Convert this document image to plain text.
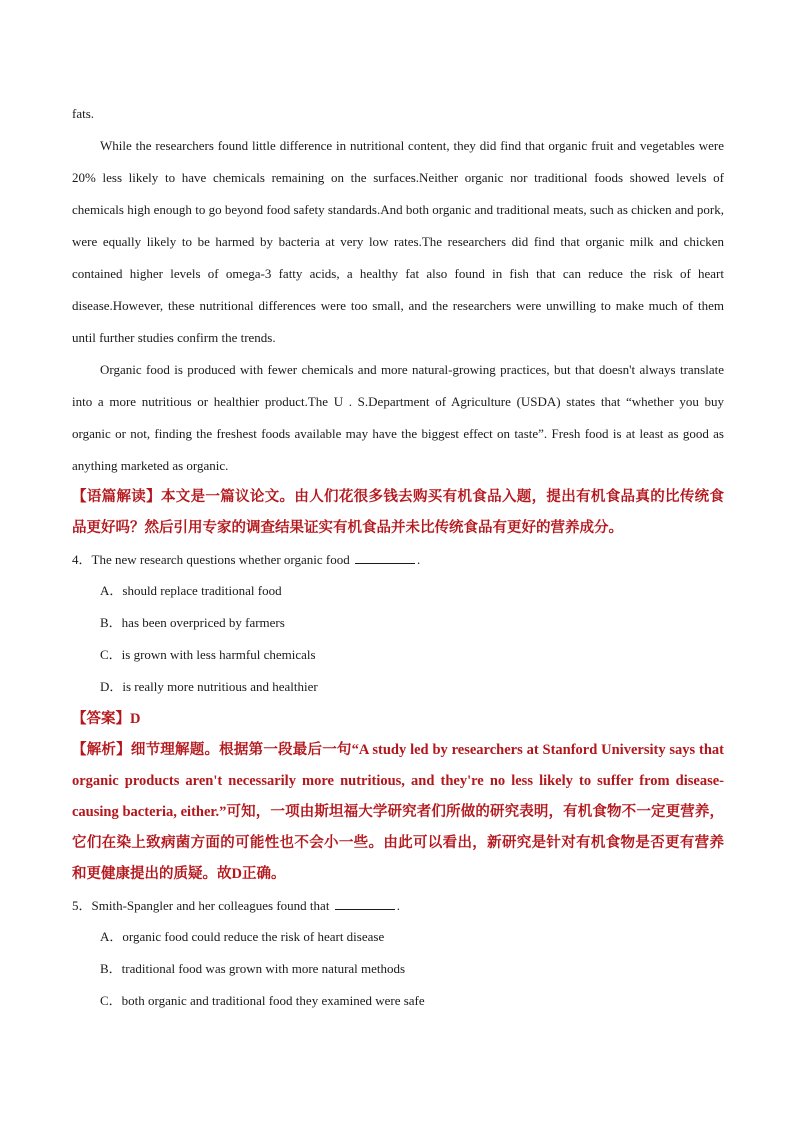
fats.

While the researchers found little difference in nutritional content, they did find that organic fruit and vegetables were 20% less likely to have chemicals remaining on the surfaces.Neither organic nor traditional foods showed levels of chemicals high enough to go beyond food safety standards.And both organic and traditional meats, such as chicken and pork, were equally likely to be harmed by bacteria at very low rates.The researchers did find that organic milk and chicken contained higher levels of omega-3 fatty acids, a healthy fat also found in fish that can reduce the risk of heart disease.However, these nutritional differences were too small, and the researchers were unwilling to make much of them until further studies confirm the trends.

Organic food is produced with fewer chemicals and more natural-growing practices, but that doesn't always translate into a more nutritious or healthier product.The U . S.Department of Agriculture (USDA) states that “whether you buy organic or not, finding the freshest foods available may have the biggest effect on taste”. Fresh food is at least as good as anything marketed as organic.

【语篇解读】本文是一篇议论文。由人们花很多钱去购买有机食品入题，提出有机食品真的比传统食品更好吗？然后引用专家的调查结果证实有机食品并未比传统食品有更好的营养成分。

4．The new research questions whether organic food	.

A．should replace traditional food
B．has been overpriced by farmers
C．is grown with less harmful chemicals
D．is really more nutritious and healthier

【答案】D

【解析】细节理解题。根据第一段最后一句“A study led by researchers at Stanford University says that organic products aren't necessarily more nutritious, and they're no less likely to suffer from disease-causing bacteria, either.”可知，一项由斯坦福大学研究者们所做的研究表明，有机食物不一定更营养，它们在染上致病菌方面的可能性也不会小一些。由此可以看出，新研究是针对有机食物是否更有营养和更健康提出的质疑。故D正确。

5．Smith-Spangler and her colleagues found that	.

A．organic food could reduce the risk of heart disease
B．traditional food was grown with more natural methods
C．both organic and traditional food they examined were safe
